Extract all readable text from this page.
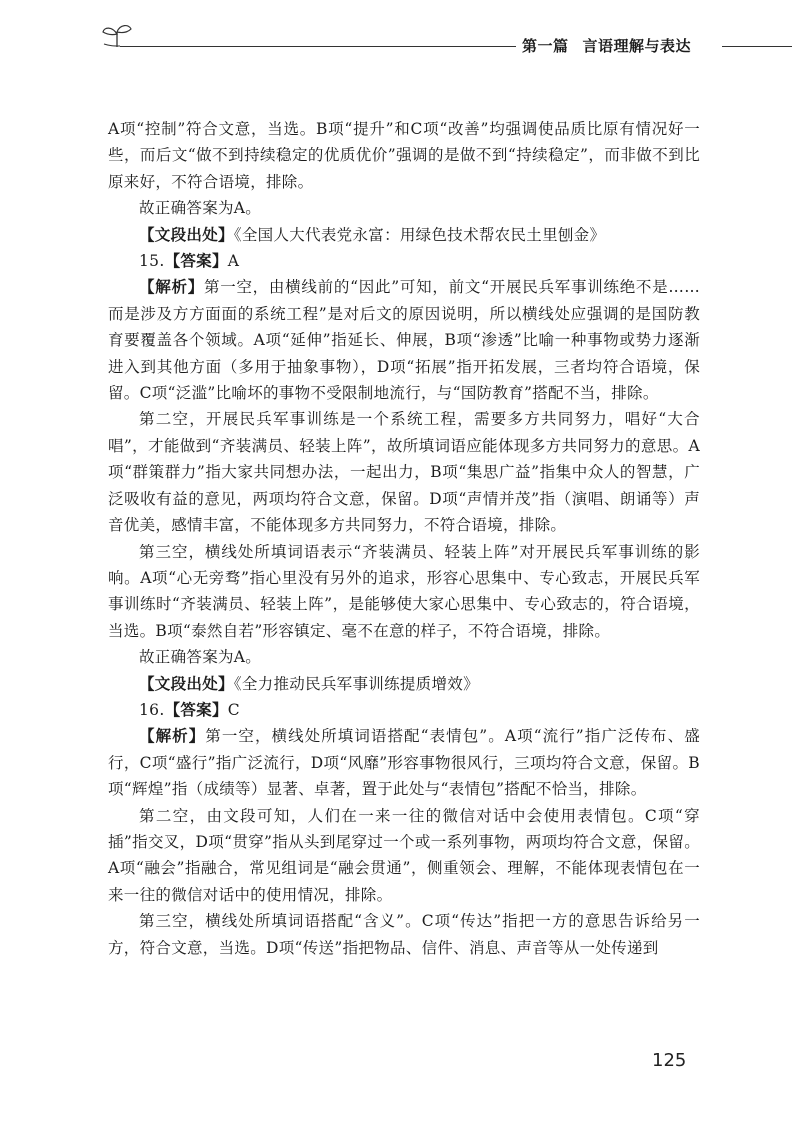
第一篇 言语理解与表达

A项“控制”符合文意，当选。B项“提升”和C项“改善”均强调使品质比原有情况好一些，而后文“做不到持续稳定的优质优价”强调的是做不到“持续稳定”，而非做不到比原来好，不符合语境，排除。

故正确答案为A。

【文段出处】《全国人大代表党永富：用绿色技术帮农民土里刨金》

15.【答案】A

【解析】第一空，由横线前的“因此”可知，前文“开展民兵军事训练绝不是……而是涉及方方面面的系统工程”是对后文的原因说明，所以横线处应强调的是国防教育要覆盖各个领域。A项“延伸”指延长、伸展，B项“渗透”比喻一种事物或势力逐渐进入到其他方面（多用于抽象事物），D项“拓展”指开拓发展，三者均符合语境，保留。C项“泛滥”比喻坏的事物不受限制地流行，与“国防教育”搭配不当，排除。

第二空，开展民兵军事训练是一个系统工程，需要多方共同努力，唱好“大合唱”，才能做到“齐装满员、轻装上阵”，故所填词语应能体现多方共同努力的意思。A项“群策群力”指大家共同想办法，一起出力，B项“集思广益”指集中众人的智慧，广泛吸收有益的意见，两项均符合文意，保留。D项“声情并茂”指（演唱、朗诵等）声音优美，感情丰富，不能体现多方共同努力，不符合语境，排除。

第三空，横线处所填词语表示“齐装满员、轻装上阵”对开展民兵军事训练的影响。A项“心无旁骛”指心里没有另外的追求，形容心思集中、专心致志，开展民兵军事训练时“齐装满员、轻装上阵”，是能够使大家心思集中、专心致志的，符合语境，当选。B项“泰然自若”形容镇定、毫不在意的样子，不符合语境，排除。

故正确答案为A。

【文段出处】《全力推动民兵军事训练提质增效》

16.【答案】C

【解析】第一空，横线处所填词语搭配“表情包”。A项“流行”指广泛传布、盛行，C项“盛行”指广泛流行，D项“风靡”形容事物很风行，三项均符合文意，保留。B项“辉煌”指（成绩等）显著、卓著，置于此处与“表情包”搭配不恰当，排除。

第二空，由文段可知，人们在一来一往的微信对话中会使用表情包。C项“穿插”指交叉，D项“贯穿”指从头到尾穿过一个或一系列事物，两项均符合文意，保留。A项“融会”指融合，常见组词是“融会贯通”，侧重领会、理解，不能体现表情包在一来一往的微信对话中的使用情况，排除。

第三空，横线处所填词语搭配“含义”。C项“传达”指把一方的意思告诉给另一方，符合文意，当选。D项“传送”指把物品、信件、消息、声音等从一处传递到

125
